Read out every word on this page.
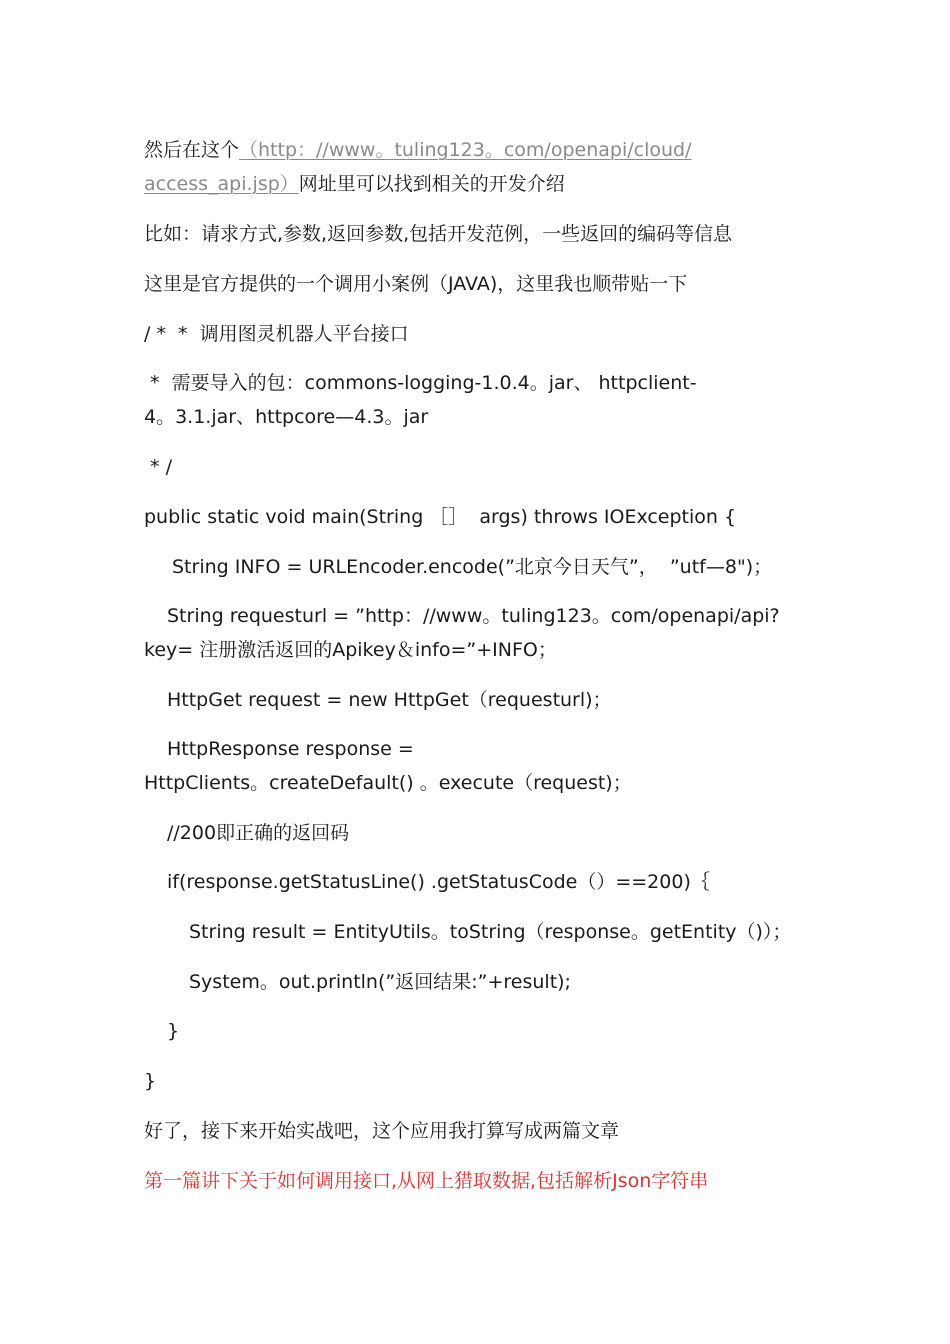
然后在这个（http：//www。tuling123。com/openapi/cloud/
access_api.jsp）网址里可以找到相关的开发介绍
比如：请求方式,参数,返回参数,包括开发范例，一些返回的编码等信息
这里是官方提供的一个调用小案例（JAVA)，这里我也顺带贴一下
/ *  *  调用图灵机器人平台接口
*  需要导入的包：commons-logging-1.0.4。jar、 httpclient-
4。3.1.jar、httpcore—4.3。jar
* /
public static void main(String ［］  args) throws IOException {
String INFO = URLEncoder.encode(”北京今日天气”，  ”utf—8")；
String requesturl = ”http：//www。tuling123。com/openapi/api?
key= 注册激活返回的Apikey＆info=”+INFO；
HttpGet request = new HttpGet（requesturl)；
HttpResponse response =
HttpClients。createDefault() 。execute（request)；
//200即正确的返回码
if(response.getStatusLine() .getStatusCode（）==200)｛
String result = EntityUtils。toString（response。getEntity（)）；
System。out.println(”返回结果:”+result);
}
}
好了，接下来开始实战吧，这个应用我打算写成两篇文章
第一篇讲下关于如何调用接口,从网上猎取数据,包括解析Json字符串
